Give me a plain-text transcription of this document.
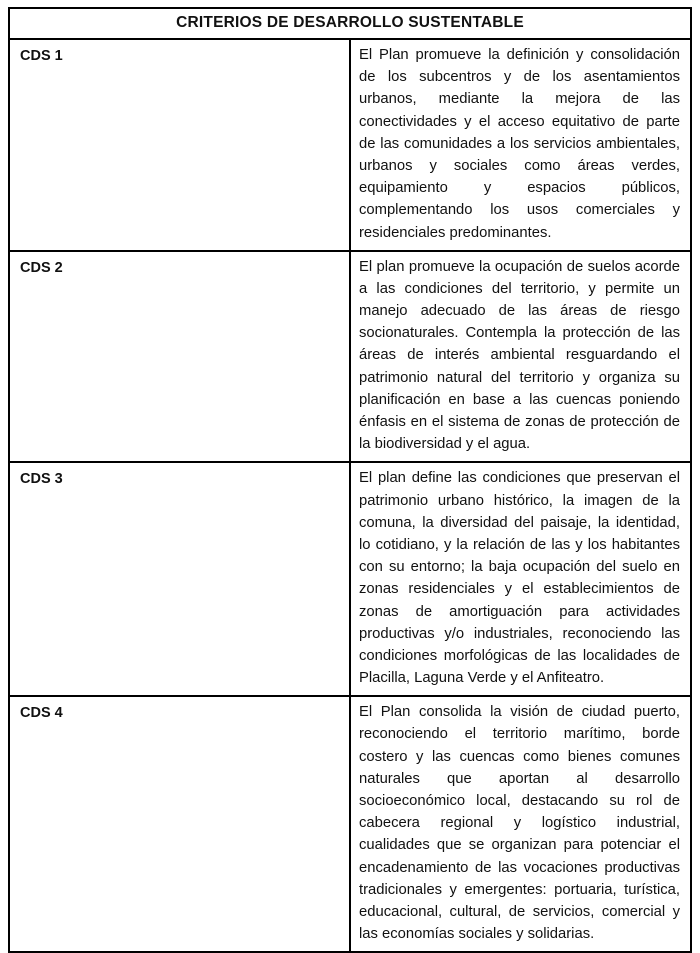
CRITERIOS DE DESARROLLO SUSTENTABLE	
CDS 1	El Plan promueve la definición y consolidación de los subcentros y de los asentamientos urbanos, mediante la mejora de las conectividades y el acceso equitativo de parte de las comunidades a los servicios ambientales, urbanos y sociales como áreas verdes, equipamiento y espacios públicos, complementando los usos comerciales y residenciales predominantes.
CDS 2	El plan promueve la ocupación de suelos acorde a las condiciones del territorio, y permite un manejo adecuado de las áreas de riesgo socionaturales. Contempla la protección de las áreas de interés ambiental resguardando el patrimonio natural del territorio y organiza su planificación en base a las cuencas poniendo énfasis en el sistema de zonas de protección de la biodiversidad y el agua.
CDS 3	El plan define las condiciones que preservan el patrimonio urbano histórico, la imagen de la comuna, la diversidad del paisaje, la identidad, lo cotidiano, y la relación de las y los habitantes con su entorno; la baja ocupación del suelo en zonas residenciales y el establecimientos de zonas de amortiguación para actividades productivas y/o industriales, reconociendo las condiciones morfológicas de las localidades de Placilla, Laguna Verde y el Anfiteatro.
CDS 4	El Plan consolida la visión de ciudad puerto, reconociendo el territorio marítimo, borde costero y las cuencas como bienes comunes naturales que aportan al desarrollo socioeconómico local, destacando su rol de cabecera regional y logístico industrial, cualidades que se organizan para potenciar el encadenamiento de las vocaciones productivas tradicionales y emergentes: portuaria, turística, educacional, cultural, de servicios, comercial y las economías sociales y solidarias.
